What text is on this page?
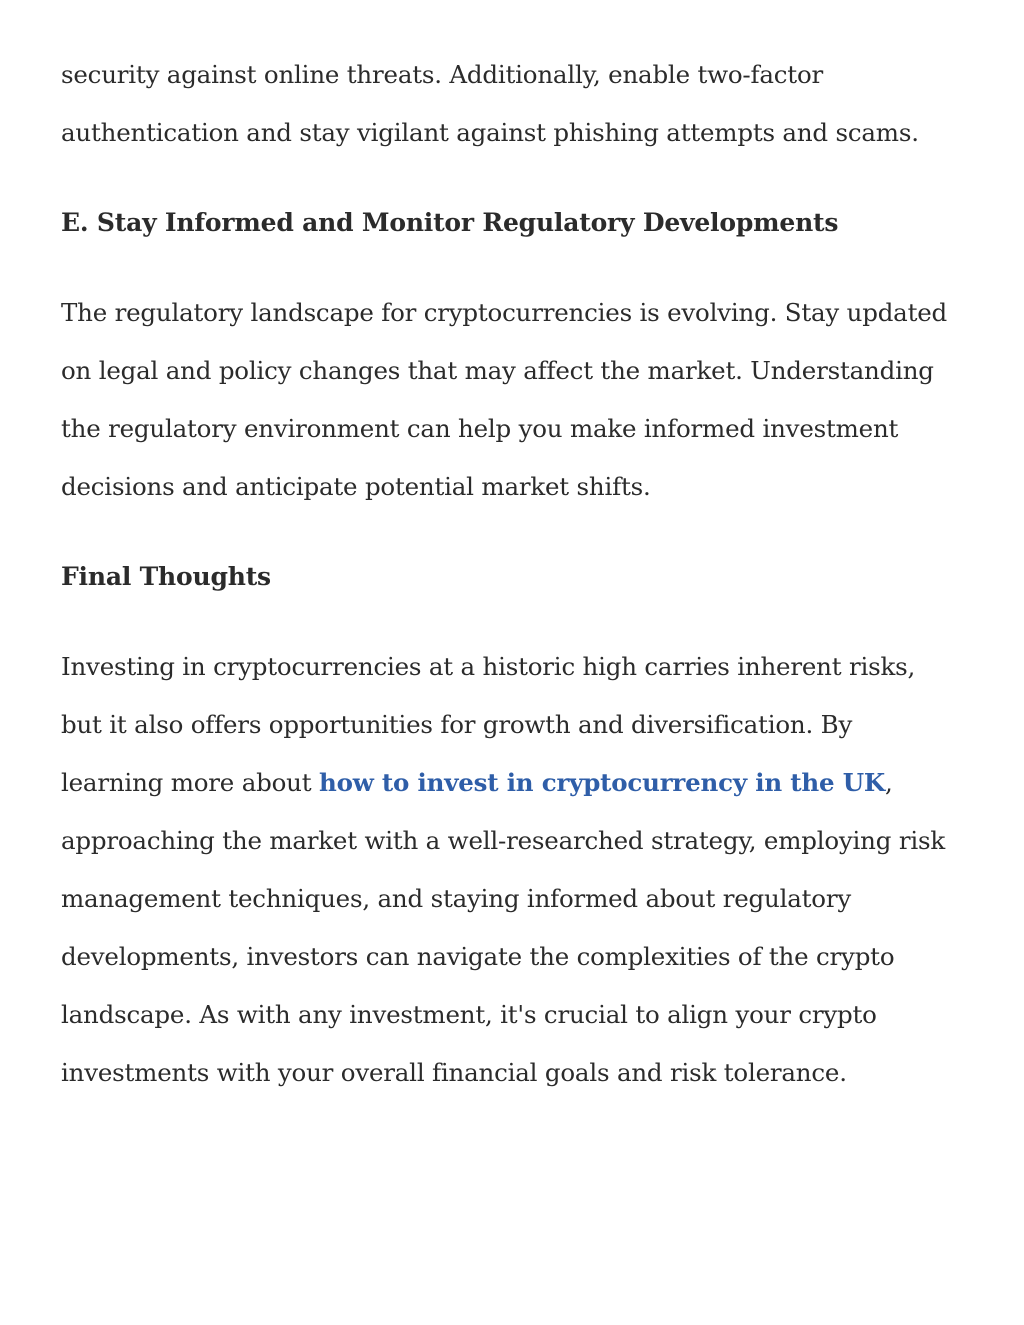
security against online threats. Additionally, enable two-factor authentication and stay vigilant against phishing attempts and scams.

E. Stay Informed and Monitor Regulatory Developments

The regulatory landscape for cryptocurrencies is evolving. Stay updated on legal and policy changes that may affect the market. Understanding the regulatory environment can help you make informed investment decisions and anticipate potential market shifts.

Final Thoughts

Investing in cryptocurrencies at a historic high carries inherent risks, but it also offers opportunities for growth and diversification. By learning more about how to invest in cryptocurrency in the UK, approaching the market with a well-researched strategy, employing risk management techniques, and staying informed about regulatory developments, investors can navigate the complexities of the crypto landscape. As with any investment, it's crucial to align your crypto investments with your overall financial goals and risk tolerance.
